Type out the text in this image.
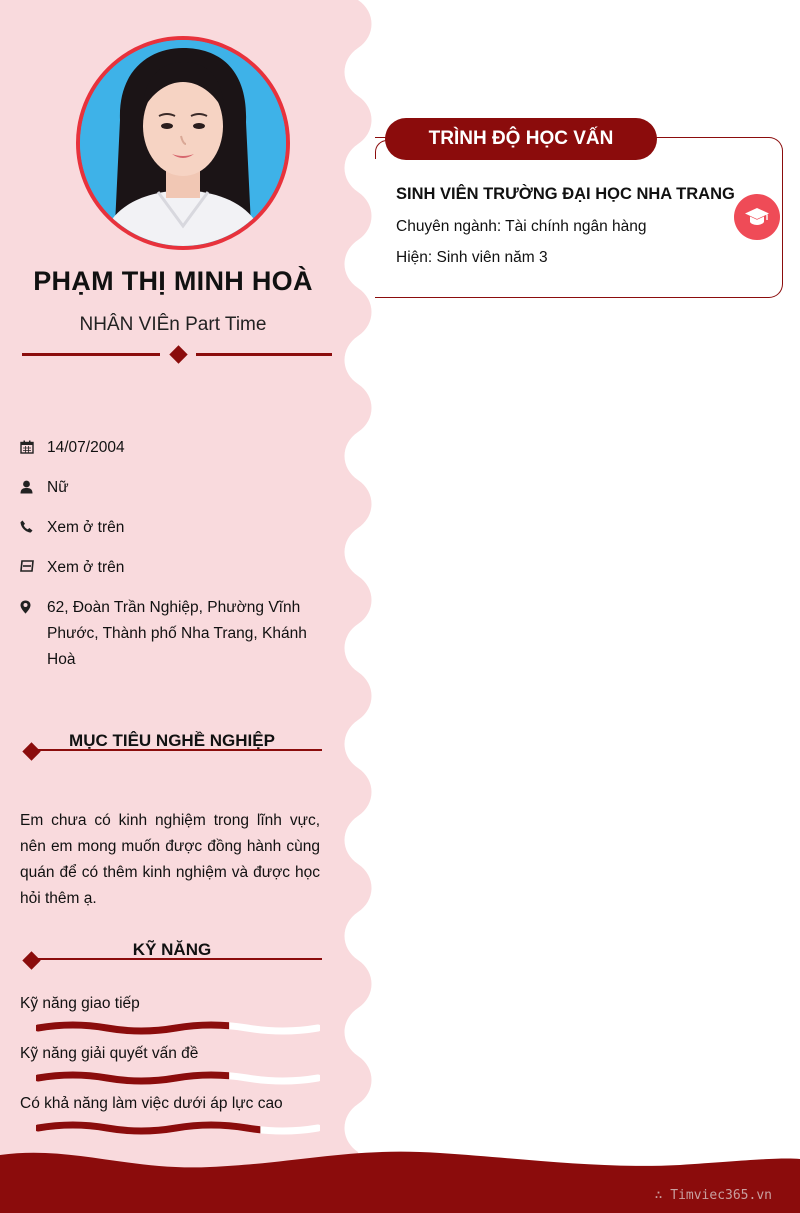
PHẠM THỊ MINH HOÀ
NHÂN VIÊn Part Time
14/07/2004
Nữ
Xem ở trên
Xem ở trên
62, Đoàn Trần Nghiệp, Phường Vĩnh Phước, Thành phố Nha Trang, Khánh Hoà
MỤC TIÊU NGHỀ NGHIỆP
Em chưa có kinh nghiệm trong lĩnh vực, nên em mong muốn được đồng hành cùng quán để có thêm kinh nghiệm và được học hỏi thêm ạ.
KỸ NĂNG
Kỹ năng giao tiếp
Kỹ năng giải quyết vấn đề
Có khả năng làm việc dưới áp lực cao
TRÌNH ĐỘ HỌC VẤN
SINH VIÊN TRƯỜNG ĐẠI HỌC NHA TRANG
Chuyên ngành: Tài chính ngân hàng
Hiện: Sinh viên năm 3
∴ Timviec365.vn
